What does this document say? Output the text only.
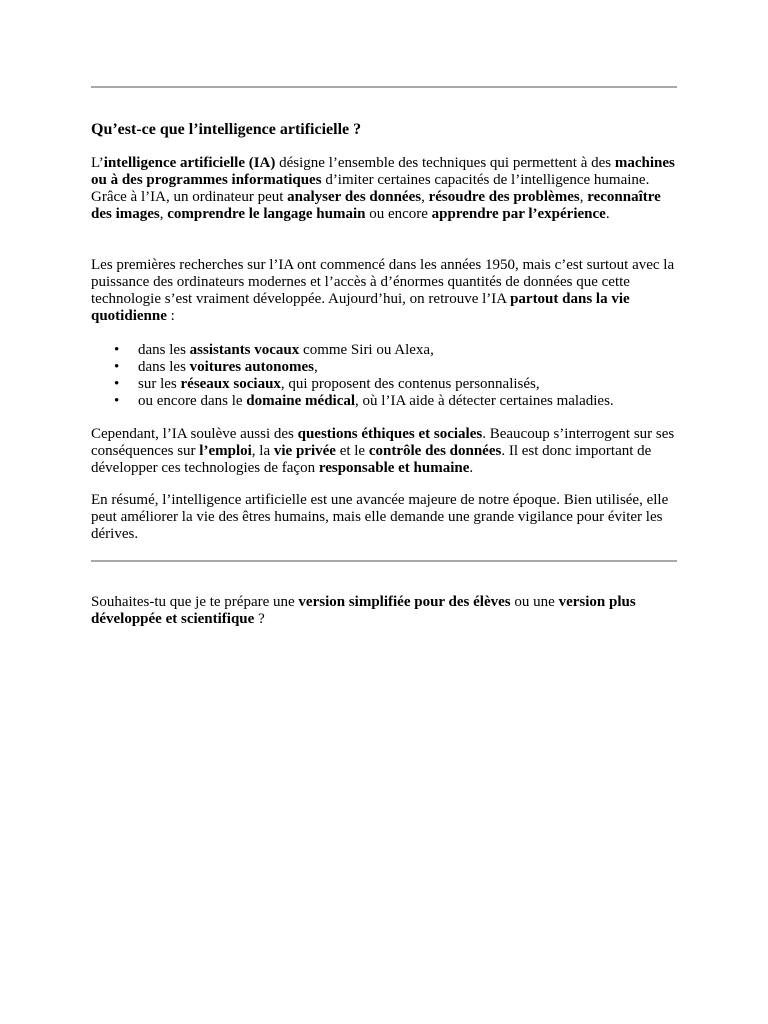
Qu’est-ce que l’intelligence artificielle ?

L’intelligence artificielle (IA) désigne l’ensemble des techniques qui permettent à des machines ou à des programmes informatiques d’imiter certaines capacités de l’intelligence humaine. Grâce à l’IA, un ordinateur peut analyser des données, résoudre des problèmes, reconnaître des images, comprendre le langage humain ou encore apprendre par l’expérience.

Les premières recherches sur l’IA ont commencé dans les années 1950, mais c’est surtout avec la puissance des ordinateurs modernes et l’accès à d’énormes quantités de données que cette technologie s’est vraiment développée. Aujourd’hui, on retrouve l’IA partout dans la vie quotidienne :

• dans les assistants vocaux comme Siri ou Alexa,
• dans les voitures autonomes,
• sur les réseaux sociaux, qui proposent des contenus personnalisés,
• ou encore dans le domaine médical, où l’IA aide à détecter certaines maladies.

Cependant, l’IA soulève aussi des questions éthiques et sociales. Beaucoup s’interrogent sur ses conséquences sur l’emploi, la vie privée et le contrôle des données. Il est donc important de développer ces technologies de façon responsable et humaine.

En résumé, l’intelligence artificielle est une avancée majeure de notre époque. Bien utilisée, elle peut améliorer la vie des êtres humains, mais elle demande une grande vigilance pour éviter les dérives.

Souhaites-tu que je te prépare une version simplifiée pour des élèves ou une version plus développée et scientifique ?
